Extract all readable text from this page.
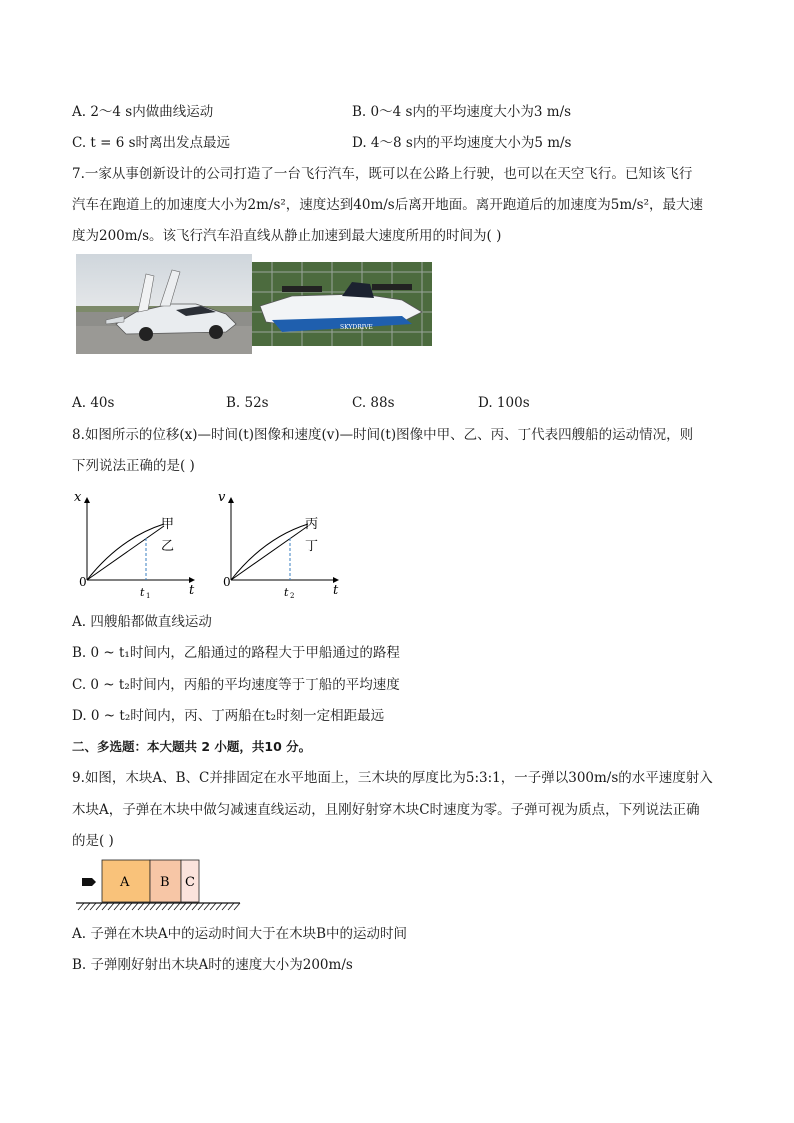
A. 2～4 s内做曲线运动	B. 0～4 s内的平均速度大小为3 m/s
C. t = 6 s时离出发点最远	D. 4～8 s内的平均速度大小为5 m/s
7.一家从事创新设计的公司打造了一台飞行汽车，既可以在公路上行驶，也可以在天空飞行。已知该飞行
汽车在跑道上的加速度大小为2m/s²，速度达到40m/s后离开地面。离开跑道后的加速度为5m/s²，最大速
度为200m/s。该飞行汽车沿直线从静止加速到最大速度所用的时间为( )
SKYDRIVE
A. 40s	B. 52s	C. 88s	D. 100s
8.如图所示的位移(x)—时间(t)图像和速度(v)—时间(t)图像中甲、乙、丙、丁代表四艘船的运动情况，则
下列说法正确的是( )
x
0
t
t 1
甲
乙
v
0
t
t 2
丙
丁
A. 四艘船都做直线运动
B. 0 ~ t₁时间内，乙船通过的路程大于甲船通过的路程
C. 0 ~ t₂时间内，丙船的平均速度等于丁船的平均速度
D. 0 ~ t₂时间内，丙、丁两船在t₂时刻一定相距最远
二、多选题：本大题共 2 小题，共10 分。
9.如图，木块A、B、C并排固定在水平地面上，三木块的厚度比为5:3:1，一子弹以300m/s的水平速度射入
木块A，子弹在木块中做匀减速直线运动，且刚好射穿木块C时速度为零。子弹可视为质点，下列说法正确
的是( )
A B C
A. 子弹在木块A中的运动时间大于在木块B中的运动时间
B. 子弹刚好射出木块A时的速度大小为200m/s
